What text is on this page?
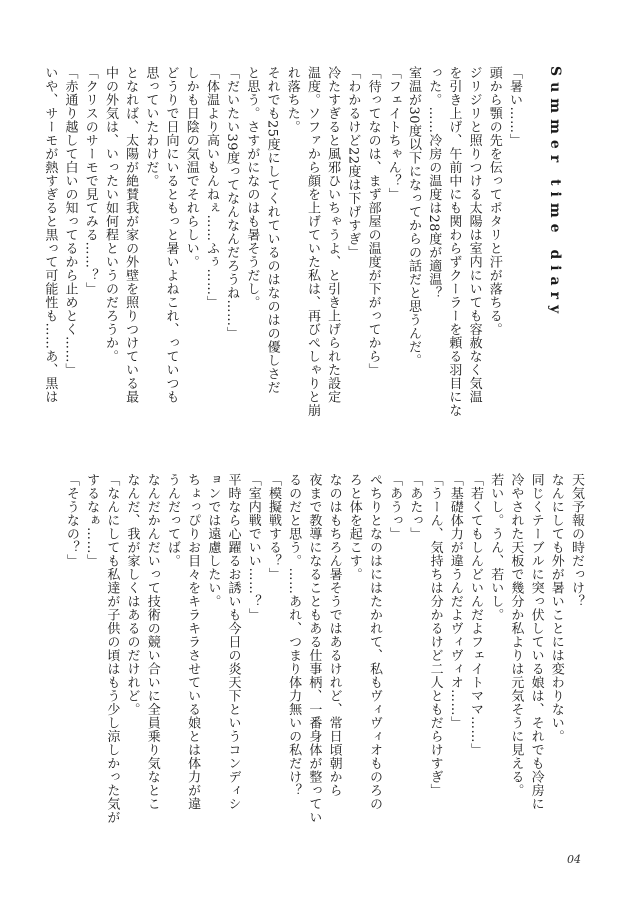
Summer time diary
「暑い……」
頭から顎の先を伝ってポタリと汗が落ちる。
ジリジリと照りつける太陽は室内にいても容赦なく気温
を引き上げ、午前中にも関わらずクーラーを頼る羽目にな
った。……冷房の温度は28度が適温？
室温が30度以下になってからの話だと思うんだ。
「フェイトちゃん？」
「待ってなのは、まず部屋の温度が下がってから」
「わかるけど22度は下げすぎ」
冷たすぎると風邪ひいちゃうよ、と引き上げられた設定
温度。ソファから顔を上げていた私は、再びぺしゃりと崩
れ落ちた。
それでも25度にしてくれているのはなのはの優しさだ
と思う。さすがになのはも暑そうだし。
「だいたい39度ってなんなんだろうね……」
「体温より高いもんねぇ……ふぅ……」
しかも日陰の気温でそれらしい。
どうりで日向にいるともっと暑いよねこれ、っていつも
思っていたわけだ。
となれば、太陽が絶賛我が家の外壁を照りつけている最
中の外気は、いったい如何程というのだろうか。
「クリスのサーモで見てみる……？」
「赤通り越して白いの知ってるから止めとく……」
いや、サーモが熱すぎると黒って可能性も……あ、黒は
天気予報の時だっけ？
なんにしても外が暑いことには変わりない。
同じくテーブルに突っ伏している娘は、それでも冷房に
冷やされた天板で幾分か私よりは元気そうに見える。
若いし。うん、若いし。
「若くてもしんどいんだよフェイトママ……」
「基礎体力が違うんだよヴィヴィオ……」
「うーん、気持ちは分かるけど二人ともだらけすぎ」
「あたっ」
「あうっ」
ぺちりとなのはにはたかれて、私もヴィヴィオものろの
ろと体を起こす。
なのはもちろん暑そうではあるけれど、常日頃朝から
夜まで教導になることもある仕事柄、一番身体が整ってい
るのだと思う。……あれ、つまり体力無いの私だけ？
「模擬戦する？」
「室内戦でいい……？」
平時なら心躍るお誘いも今日の炎天下というコンディシ
ョンでは遠慮したい。
ちょっぴりお目々をキラキラさせている娘とは体力が違
うんだってば。
なんだかんだいって技術の競い合いに全員乗り気なとこ
なんだ、我が家しくはあるのだけれど。
「なんにしても私達が子供の頃はもう少し涼しかった気が
するなぁ……」
「そうなの？」
04
